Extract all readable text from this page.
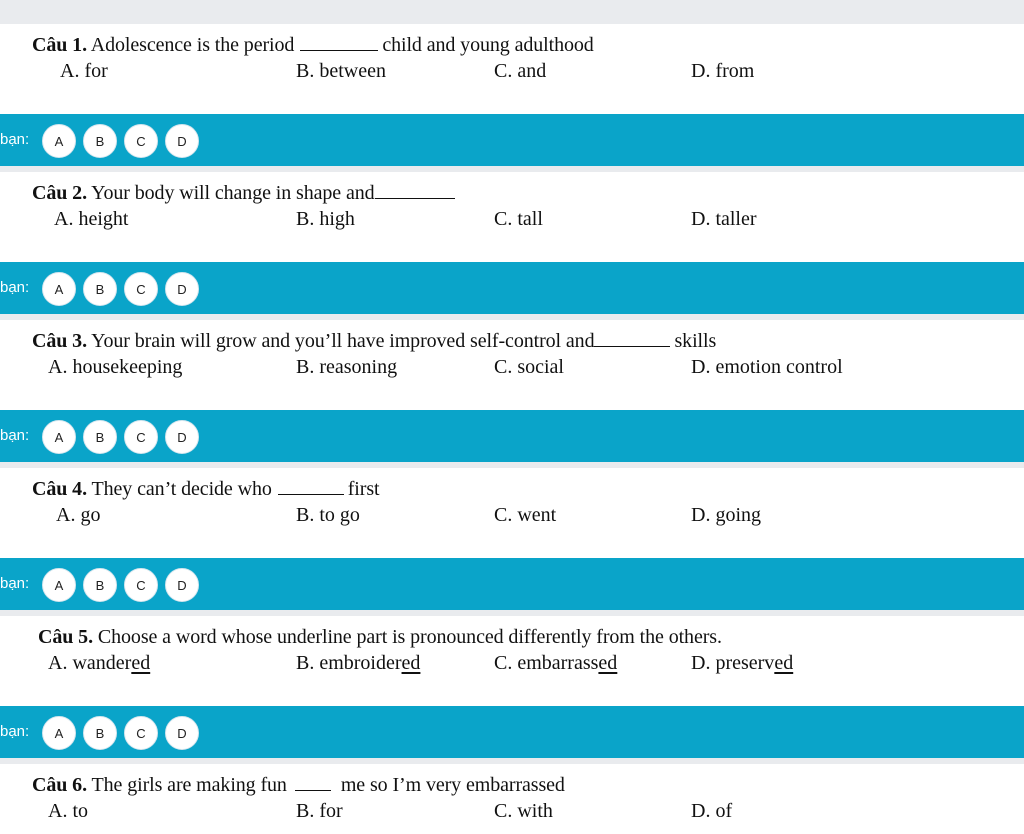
Câu 1. Adolescence is the period	child and young adulthood
A. for	B. between	C. and	D. from
bạn:	A	B	C	D
Câu 2. Your body will change in shape and
A. height	B. high	C. tall	D. taller
bạn:	A	B	C	D
Câu 3. Your brain will grow and you’ll have improved self-control and	skills
A. housekeeping	B. reasoning	C. social	D. emotion control
bạn:	A	B	C	D
Câu 4. They can’t decide who	first
A. go	B. to go	C. went	D. going
bạn:	A	B	C	D
Câu 5. Choose a word whose underline part is pronounced differently from the others.
A. wandered	B. embroidered	C. embarrassed	D. preserved
bạn:	A	B	C	D
Câu 6. The girls are making fun	me so I’m very embarrassed
A. to	B. for	C. with	D. of
